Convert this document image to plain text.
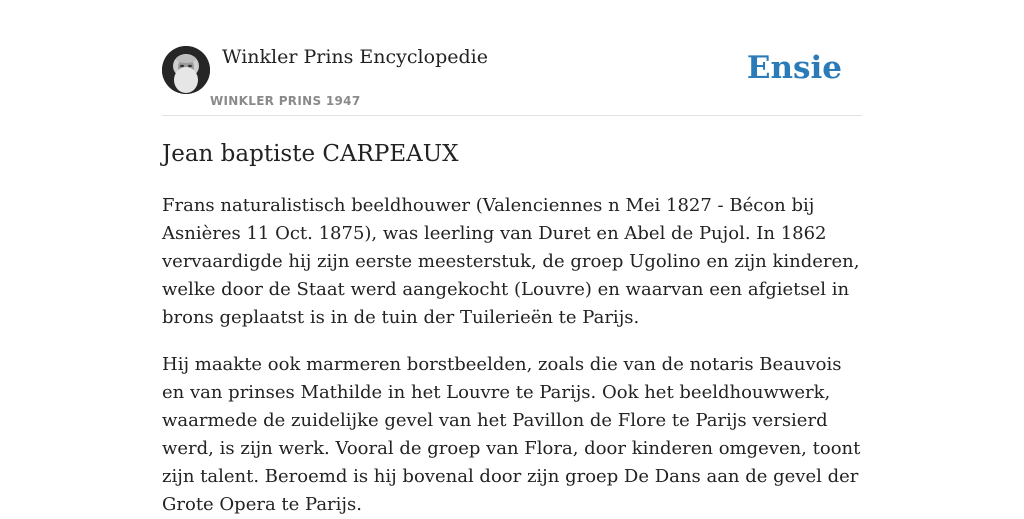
Winkler Prins Encyclopedie
WINKLER PRINS 1947
Ensie
Jean baptiste CARPEAUX

Frans naturalistisch beeldhouwer (Valenciennes n Mei 1827 - Bécon bij Asnières 11 Oct. 1875), was leerling van Duret en Abel de Pujol. In 1862 vervaardigde hij zijn eerste meesterstuk, de groep Ugolino en zijn kinderen, welke door de Staat werd aangekocht (Louvre) en waarvan een afgietsel in brons geplaatst is in de tuin der Tuilerieën te Parijs.

Hij maakte ook marmeren borstbeelden, zoals die van de notaris Beauvois en van prinses Mathilde in het Louvre te Parijs. Ook het beeldhouwwerk, waarmede de zuidelijke gevel van het Pavillon de Flore te Parijs versierd werd, is zijn werk. Vooral de groep van Flora, door kinderen omgeven, toont zijn talent. Beroemd is hij bovenal door zijn groep De Dans aan de gevel der Grote Opera te Parijs.
